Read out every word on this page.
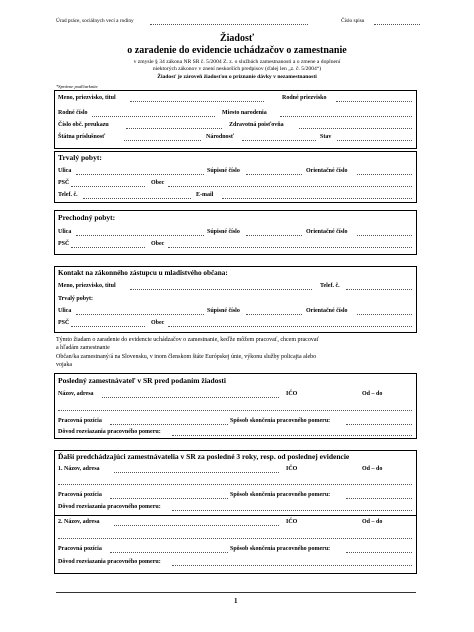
Úrad práce, sociálnych vecí a rodiny	Číslo spisu
Žiadosť
o zaradenie do evidencie uchádzačov o zamestnanie
v zmysle § 34 zákona NR SR č. 5/2004 Z. z. o službách zamestnanosti a o zmene a doplnení
niektorých zákonov v znení neskorších predpisov (ďalej len „z. č. 5/2004“)
Žiadosť je zároveň žiadosťou o priznanie dávky v nezamestnanosti
*Správne podčiarknite
Meno, priezvisko, titul	Rodné priezvisko
Rodné číslo	Miesto narodenia
Číslo obč. preukazu	Zdravotná poisťovňa
Štátna príslušnosť	Národnosť	Stav
Trvalý pobyt:
Ulica	Súpisné číslo	Orientačné číslo
PSČ	Obec
Telef. č.	E-mail
Prechodný pobyt:
Ulica	Súpisné číslo	Orientačné číslo
PSČ	Obec
Kontakt na zákonného zástupcu u mladistvého občana:
Meno, priezvisko, titul	Telef. č.
Trvalý pobyt:
Ulica	Súpisné číslo	Orientačné číslo
PSČ	Obec
Týmto žiadam o zaradenie do evidencie uchádzačov o zamestnanie, keďže môžem pracovať, chcem pracovať
a hľadám zamestnanie
Občan/ka zamestnaný/á na Slovensku, v inom členskom štáte Európskej únie, výkonu služby policajta alebo
vojaka
Posledný zamestnávateľ v SR pred podaním žiadosti
Názov, adresa	IČO	Od – do
Pracovná pozícia	Spôsob skončenia pracovného pomeru:
Dôvod rozviazania pracovného pomeru:
Ďalší predchádzajúci zamestnávatelia v SR za posledné 3 roky, resp. od poslednej evidencie
1. Názov, adresa	IČO	Od – do
Pracovná pozícia	Spôsob skončenia pracovného pomeru:
Dôvod rozviazania pracovného pomeru:
2. Názov, adresa	IČO	Od – do
Pracovná pozícia	Spôsob skončenia pracovného pomeru:
Dôvod rozviazania pracovného pomeru:
1
